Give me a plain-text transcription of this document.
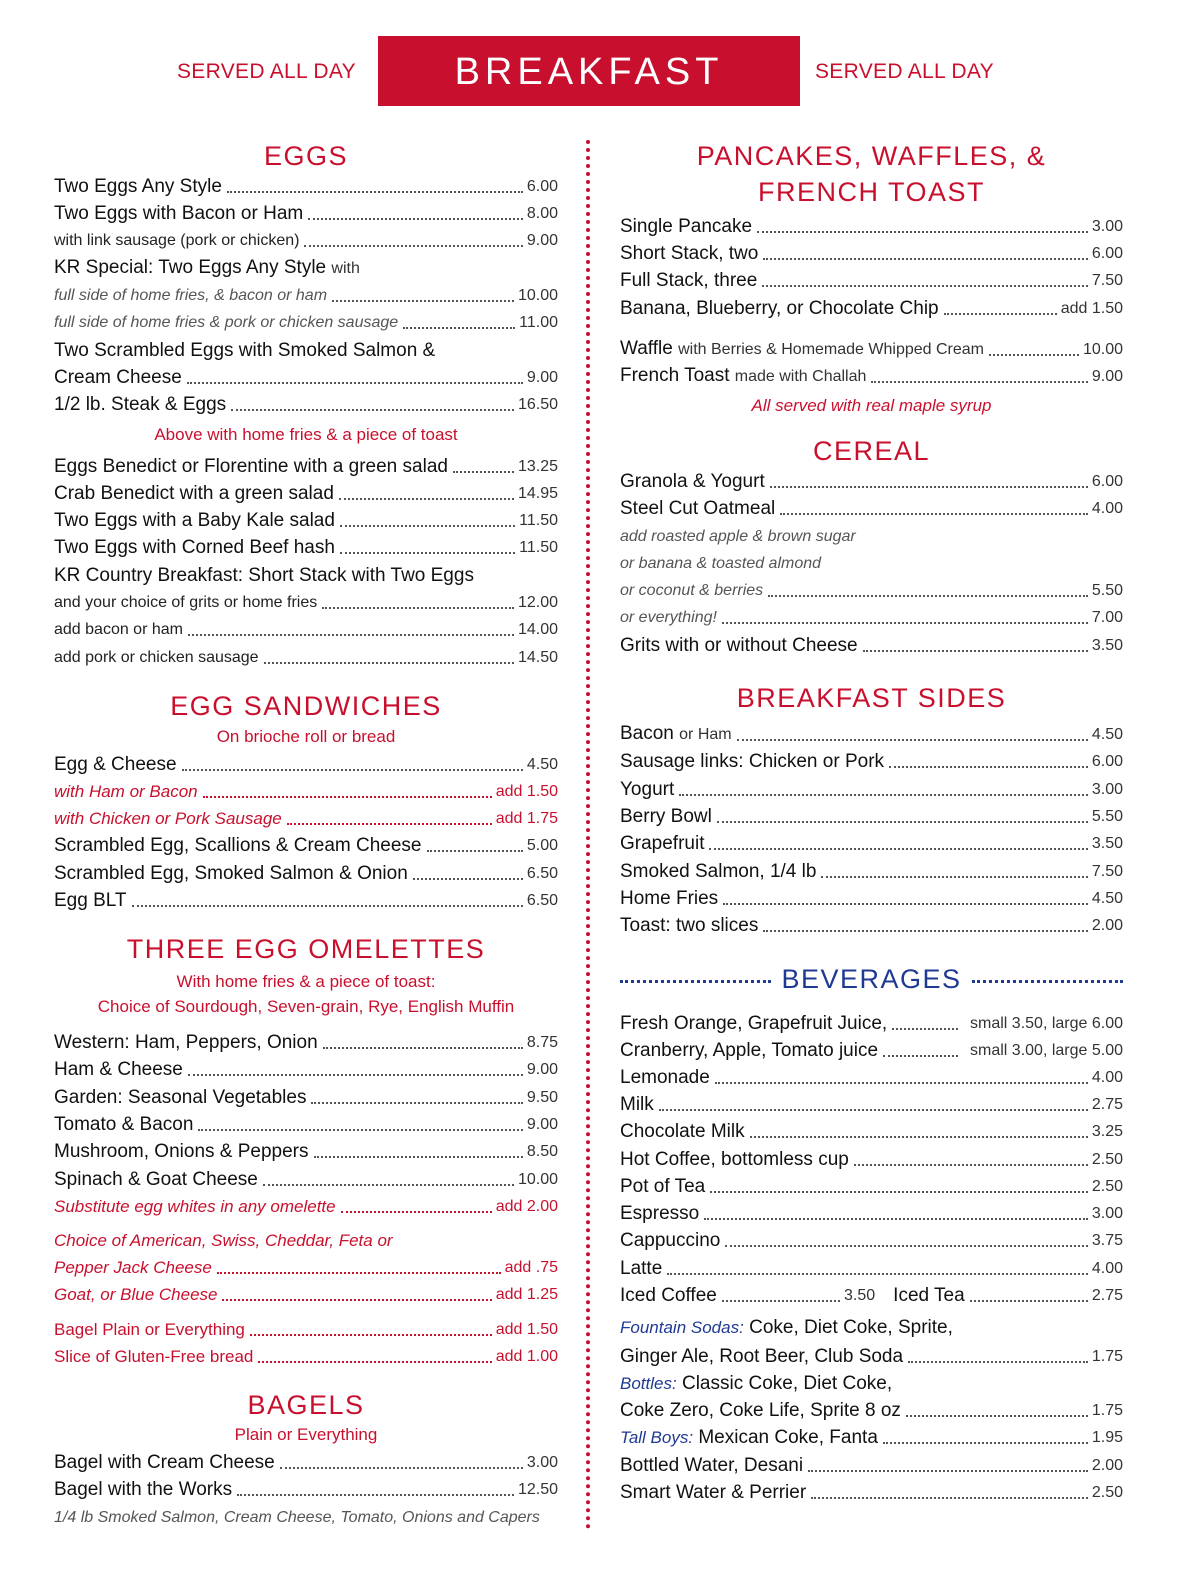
SERVED ALL DAY	BREAKFAST	SERVED ALL DAY
EGGS
Two Eggs Any Style	6.00
Two Eggs with Bacon or Ham	8.00
with link sausage (pork or chicken)	9.00
KR Special: Two Eggs Any Style with
full side of home fries, & bacon or ham	10.00
full side of home fries & pork or chicken sausage	11.00
Two Scrambled Eggs with Smoked Salmon &
Cream Cheese	9.00
1/2 lb. Steak & Eggs	16.50
Above with home fries & a piece of toast
Eggs Benedict or Florentine with a green salad	13.25
Crab Benedict with a green salad	14.95
Two Eggs with a Baby Kale salad	11.50
Two Eggs with Corned Beef hash	11.50
KR Country Breakfast: Short Stack with Two Eggs
and your choice of grits or home fries	12.00
add bacon or ham	14.00
add pork or chicken sausage	14.50
EGG SANDWICHES
On brioche roll or bread
Egg & Cheese	4.50
with Ham or Bacon	add 1.50
with Chicken or Pork Sausage	add 1.75
Scrambled Egg, Scallions & Cream Cheese	5.00
Scrambled Egg, Smoked Salmon & Onion	6.50
Egg BLT	6.50
THREE EGG OMELETTES
With home fries & a piece of toast:
Choice of Sourdough, Seven-grain, Rye, English Muffin
Western: Ham, Peppers, Onion	8.75
Ham & Cheese	9.00
Garden: Seasonal Vegetables	9.50
Tomato & Bacon	9.00
Mushroom, Onions & Peppers	8.50
Spinach & Goat Cheese	10.00
Substitute egg whites in any omelette	add 2.00
Choice of American, Swiss, Cheddar, Feta or
Pepper Jack Cheese	add .75
Goat, or Blue Cheese	add 1.25
Bagel Plain or Everything	add 1.50
Slice of Gluten-Free bread	add 1.00
BAGELS
Plain or Everything
Bagel with Cream Cheese	3.00
Bagel with the Works	12.50
1/4 lb Smoked Salmon, Cream Cheese, Tomato, Onions and Capers
PANCAKES, WAFFLES, &
FRENCH TOAST
Single Pancake	3.00
Short Stack, two	6.00
Full Stack, three	7.50
Banana, Blueberry, or Chocolate Chip	add 1.50
Waffle with Berries & Homemade Whipped Cream	10.00
French Toast made with Challah	9.00
All served with real maple syrup
CEREAL
Granola & Yogurt	6.00
Steel Cut Oatmeal	4.00
add roasted apple & brown sugar
or banana & toasted almond
or coconut & berries	5.50
or everything!	7.00
Grits with or without Cheese	3.50
BREAKFAST SIDES
Bacon or Ham	4.50
Sausage links: Chicken or Pork	6.00
Yogurt	3.00
Berry Bowl	5.50
Grapefruit	3.50
Smoked Salmon, 1/4 lb	7.50
Home Fries	4.50
Toast: two slices	2.00
BEVERAGES
Fresh Orange, Grapefruit Juice,	small 3.50, large 6.00
Cranberry, Apple, Tomato juice	small 3.00, large 5.00
Lemonade	4.00
Milk	2.75
Chocolate Milk	3.25
Hot Coffee, bottomless cup	2.50
Pot of Tea	2.50
Espresso	3.00
Cappuccino	3.75
Latte	4.00
Iced Coffee	3.50 Iced Tea	2.75
Fountain Sodas: Coke, Diet Coke, Sprite,
Ginger Ale, Root Beer, Club Soda	1.75
Bottles: Classic Coke, Diet Coke,
Coke Zero, Coke Life, Sprite 8 oz	1.75
Tall Boys: Mexican Coke, Fanta	1.95
Bottled Water, Desani	2.00
Smart Water & Perrier	2.50
